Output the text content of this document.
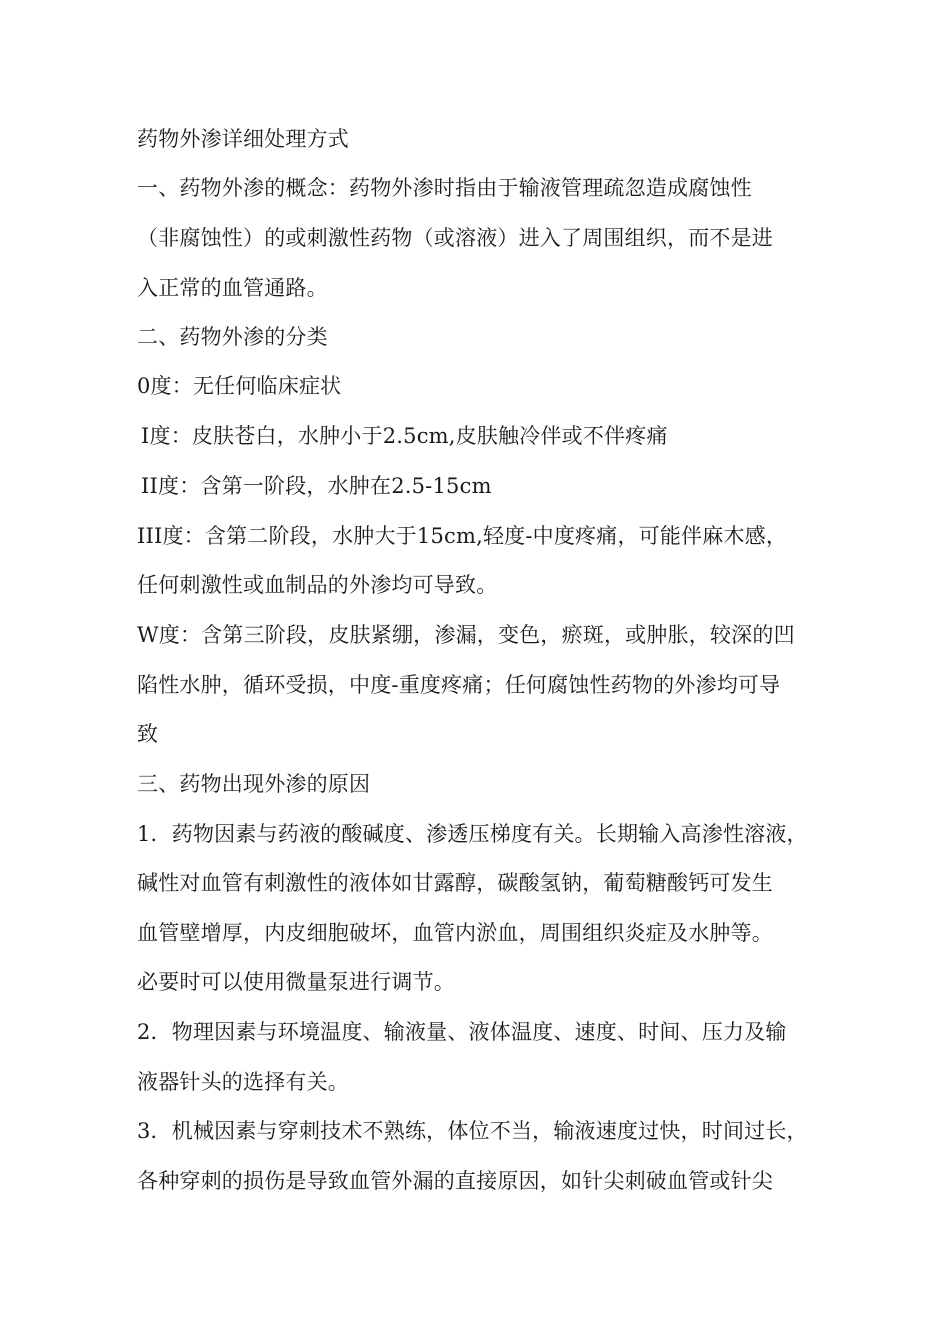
药物外渗详细处理方式
一、药物外渗的概念：药物外渗时指由于输液管理疏忽造成腐蚀性
（非腐蚀性）的或刺激性药物（或溶液）进入了周围组织，而不是进
入正常的血管通路。
二、药物外渗的分类
0度：无任何临床症状
Ⅰ度：皮肤苍白，水肿小于2.5cm,皮肤触冷伴或不伴疼痛
II度：含第一阶段，水肿在2.5-15cm
III度：含第二阶段，水肿大于15cm,轻度-中度疼痛，可能伴麻木感，
任何刺激性或血制品的外渗均可导致。
W度：含第三阶段，皮肤紧绷，渗漏，变色，瘀斑，或肿胀，较深的凹
陷性水肿，循环受损，中度-重度疼痛；任何腐蚀性药物的外渗均可导
致
三、药物出现外渗的原因
1．药物因素与药液的酸碱度、渗透压梯度有关。长期输入高渗性溶液，
碱性对血管有刺激性的液体如甘露醇，碳酸氢钠，葡萄糖酸钙可发生
血管壁增厚，内皮细胞破坏，血管内淤血，周围组织炎症及水肿等。
必要时可以使用微量泵进行调节。
2．物理因素与环境温度、输液量、液体温度、速度、时间、压力及输
液器针头的选择有关。
3．机械因素与穿刺技术不熟练，体位不当，输液速度过快，时间过长，
各种穿刺的损伤是导致血管外漏的直接原因，如针尖刺破血管或针尖
